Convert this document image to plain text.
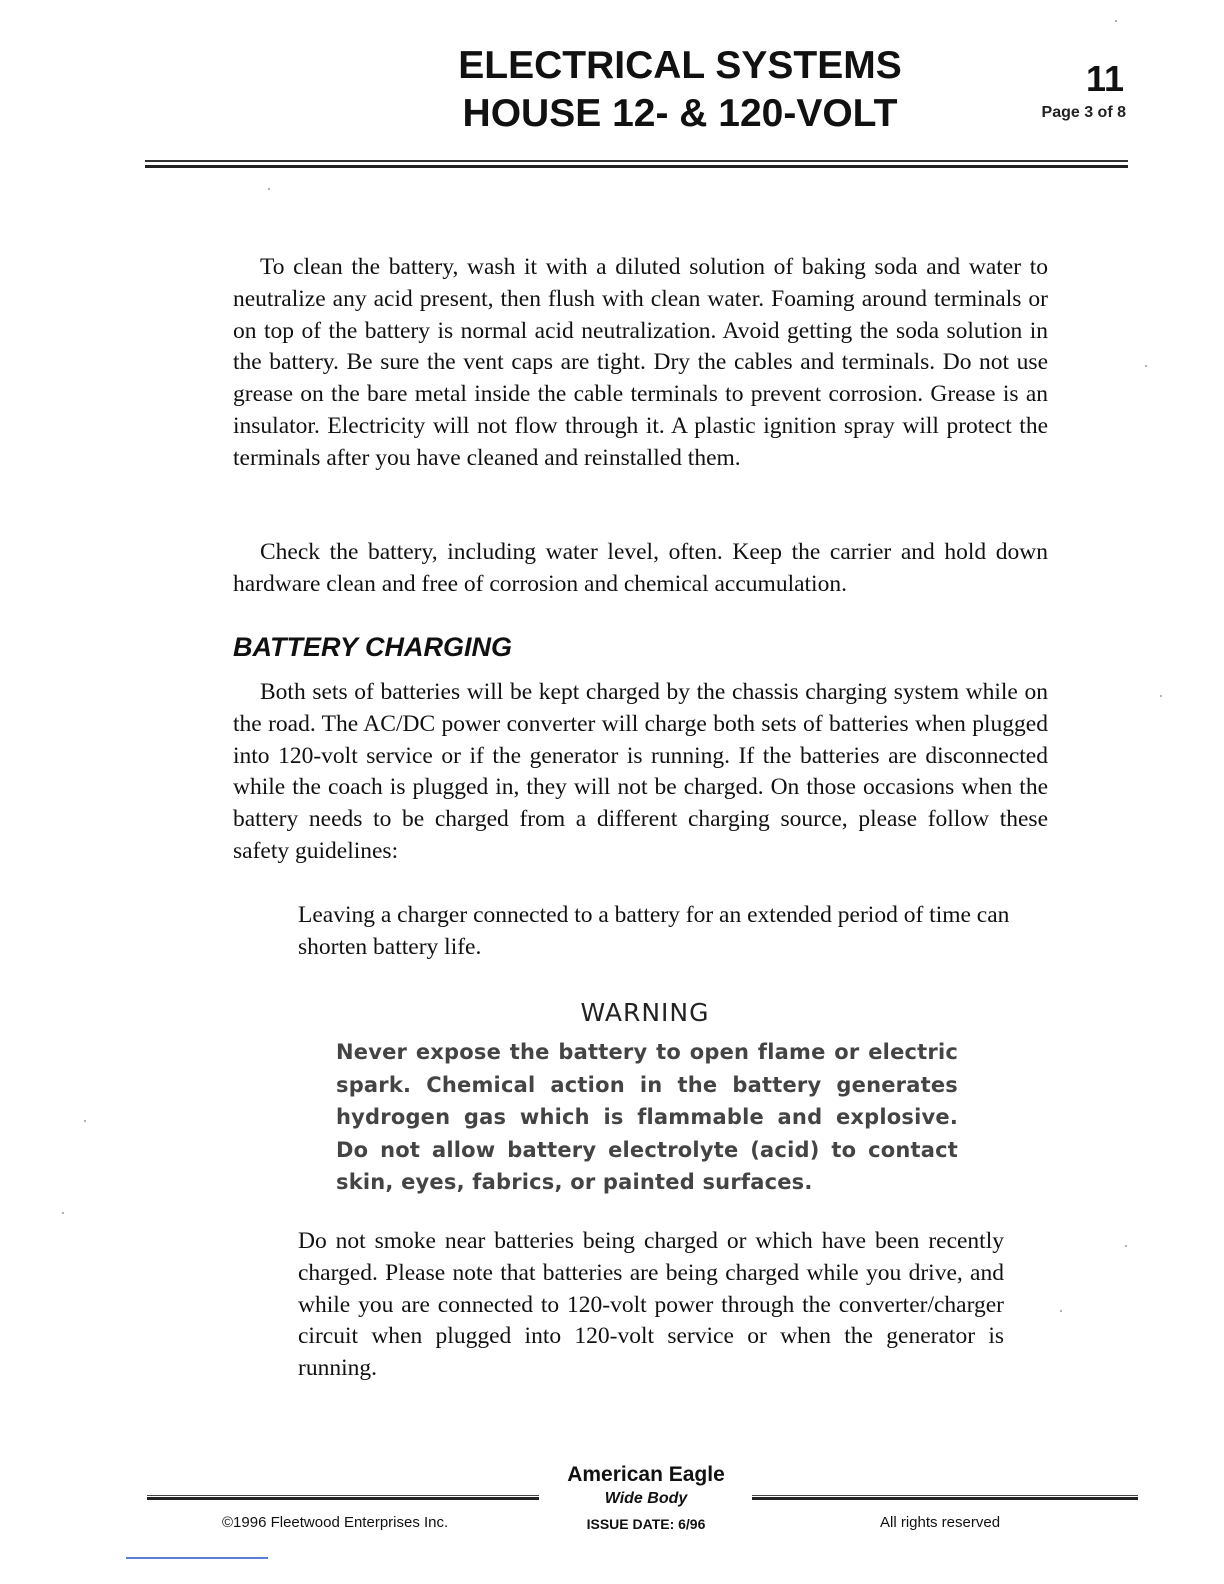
ELECTRICAL SYSTEMS
HOUSE 12- & 120-VOLT
11
Page 3 of 8

To clean the battery, wash it with a diluted solution of baking soda and water to neutralize any acid present, then flush with clean water. Foaming around terminals or on top of the battery is normal acid neutralization. Avoid getting the soda solution in the battery. Be sure the vent caps are tight. Dry the cables and terminals. Do not use grease on the bare metal inside the cable terminals to prevent corrosion. Grease is an insulator. Electricity will not flow through it. A plastic ignition spray will protect the terminals after you have cleaned and reinstalled them.

Check the battery, including water level, often. Keep the carrier and hold down hardware clean and free of corrosion and chemical accumulation.

BATTERY CHARGING

Both sets of batteries will be kept charged by the chassis charging system while on the road. The AC/DC power converter will charge both sets of batteries when plugged into 120-volt service or if the generator is running. If the batteries are disconnected while the coach is plugged in, they will not be charged. On those occasions when the battery needs to be charged from a different charging source, please follow these safety guidelines:

Leaving a charger connected to a battery for an extended period of time can shorten battery life.

WARNING

Never expose the battery to open flame or electric spark. Chemical action in the battery generates hydrogen gas which is flammable and explosive. Do not allow battery electrolyte (acid) to contact skin, eyes, fabrics, or painted surfaces.

Do not smoke near batteries being charged or which have been recently charged. Please note that batteries are being charged while you drive, and while you are connected to 120-volt power through the converter/charger circuit when plugged into 120-volt service or when the generator is running.

American Eagle
Wide Body
ISSUE DATE: 6/96
©1996 Fleetwood Enterprises Inc.	All rights reserved
